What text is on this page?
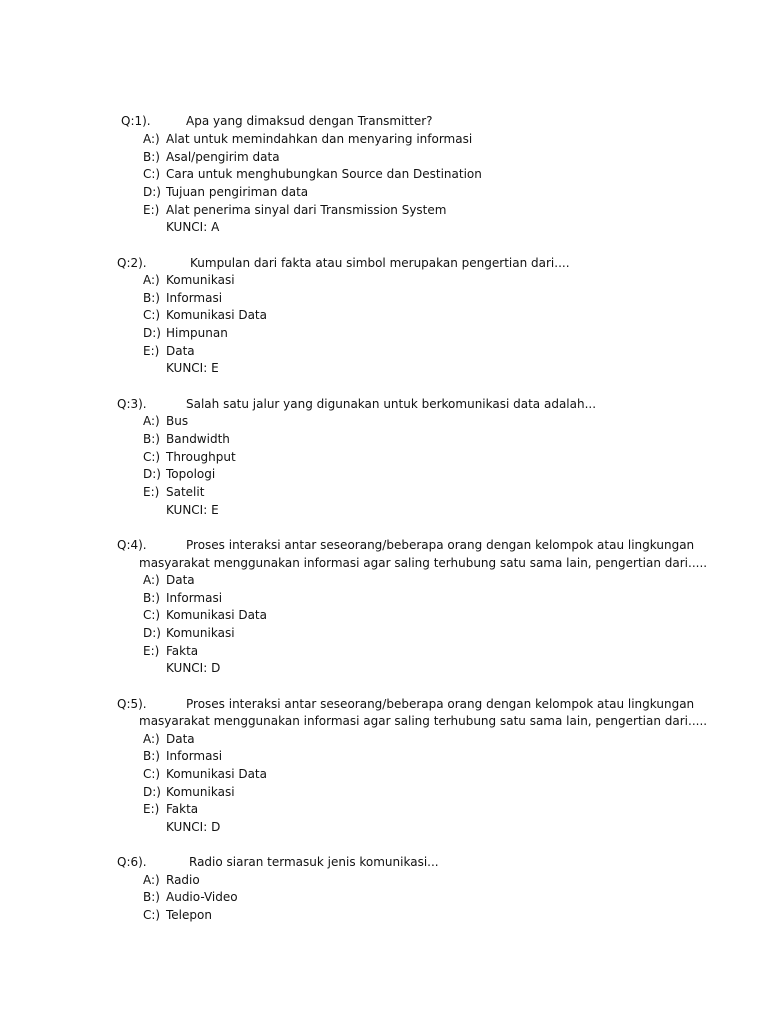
Q:1).	Apa yang dimaksud dengan Transmitter?
A:) Alat untuk memindahkan dan menyaring informasi
B:) Asal/pengirim data
C:) Cara untuk menghubungkan Source dan Destination
D:) Tujuan pengiriman data
E:) Alat penerima sinyal dari Transmission System
KUNCI: A
Q:2).	Kumpulan dari fakta atau simbol merupakan pengertian dari....
A:) Komunikasi
B:) Informasi
C:) Komunikasi Data
D:) Himpunan
E:) Data
KUNCI: E
Q:3).	Salah satu jalur yang digunakan untuk berkomunikasi data adalah...
A:) Bus
B:) Bandwidth
C:) Throughput
D:) Topologi
E:) Satelit
KUNCI: E
Q:4).	Proses interaksi antar seseorang/beberapa orang dengan kelompok atau lingkungan
masyarakat menggunakan informasi agar saling terhubung satu sama lain, pengertian dari.....
A:) Data
B:) Informasi
C:) Komunikasi Data
D:) Komunikasi
E:) Fakta
KUNCI: D
Q:5).	Proses interaksi antar seseorang/beberapa orang dengan kelompok atau lingkungan
masyarakat menggunakan informasi agar saling terhubung satu sama lain, pengertian dari.....
A:) Data
B:) Informasi
C:) Komunikasi Data
D:) Komunikasi
E:) Fakta
KUNCI: D
Q:6).	Radio siaran termasuk jenis komunikasi...
A:) Radio
B:) Audio-Video
C:) Telepon
